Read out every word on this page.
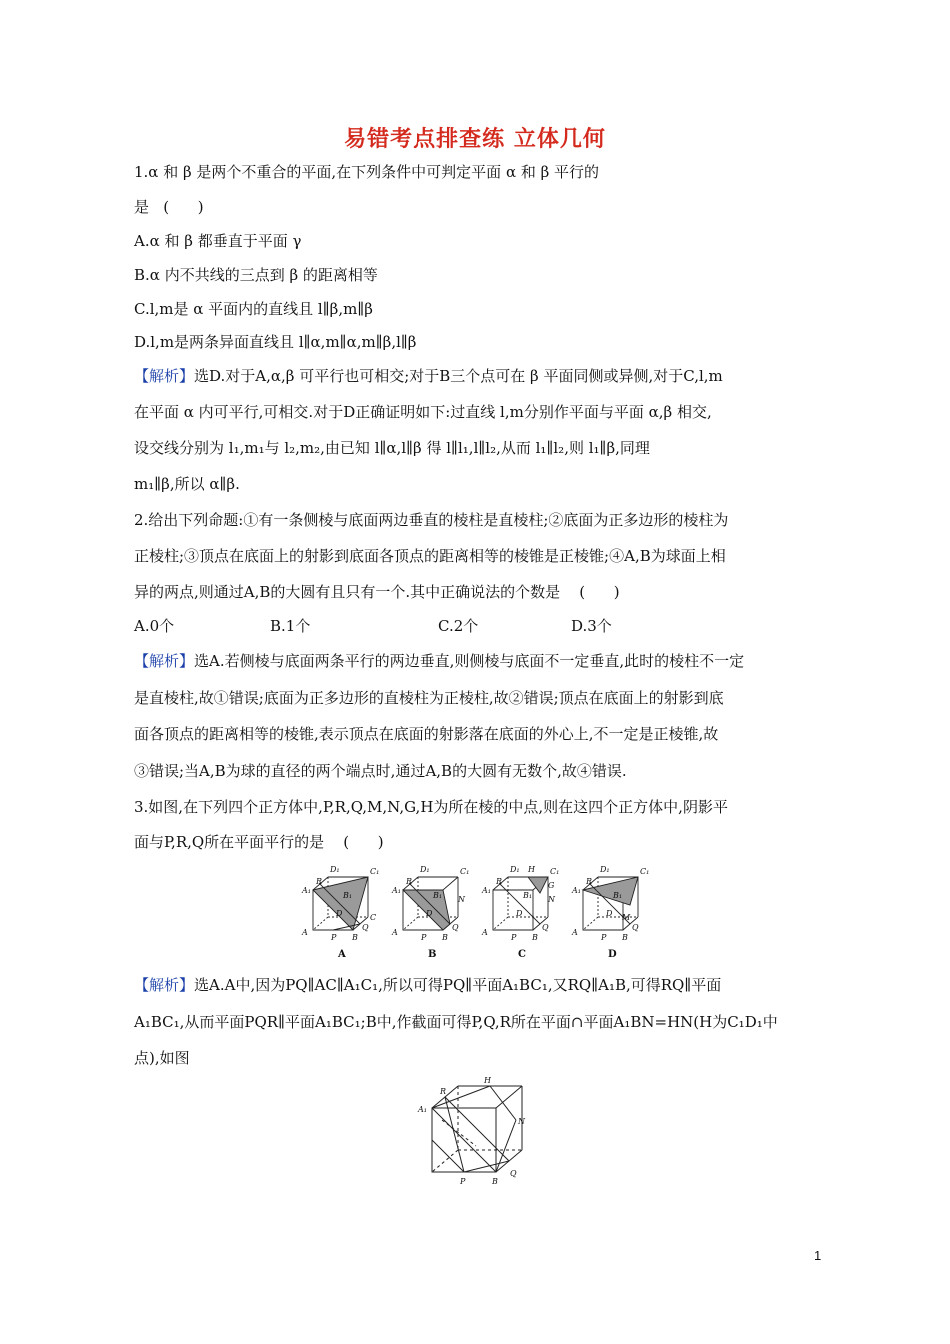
易错考点排查练 立体几何
1.α 和 β 是两个不重合的平面,在下列条件中可判定平面 α 和 β 平行的
是   (      )
A.α 和 β 都垂直于平面 γ
B.α 内不共线的三点到 β 的距离相等
C.l,m是 α 平面内的直线且 l∥β,m∥β
D.l,m是两条异面直线且 l∥α,m∥α,m∥β,l∥β
【解析】选D.对于A,α,β 可平行也可相交;对于B三个点可在 β 平面同侧或异侧,对于C,l,m
在平面 α 内可平行,可相交.对于D正确证明如下:过直线 l,m分别作平面与平面 α,β 相交,
设交线分别为 l₁,m₁与 l₂,m₂,由已知 l∥α,l∥β 得 l∥l₁,l∥l₂,从而 l₁∥l₂,则 l₁∥β,同理
m₁∥β,所以 α∥β.
2.给出下列命题:①有一条侧棱与底面两边垂直的棱柱是直棱柱;②底面为正多边形的棱柱为
正棱柱;③顶点在底面上的射影到底面各顶点的距离相等的棱锥是正棱锥;④A,B为球面上相
异的两点,则通过A,B的大圆有且只有一个.其中正确说法的个数是    (      )
A.0个	B.1个	C.2个	D.3个
【解析】选A.若侧棱与底面两条平行的两边垂直,则侧棱与底面不一定垂直,此时的棱柱不一定
是直棱柱,故①错误;底面为正多边形的直棱柱为正棱柱,故②错误;顶点在底面上的射影到底
面各顶点的距离相等的棱锥,表示顶点在底面的射影落在底面的外心上,不一定是正棱锥,故
③错误;当A,B为球的直径的两个端点时,通过A,B的大圆有无数个,故④错误.
3.如图,在下列四个正方体中,P,R,Q,M,N,G,H为所在棱的中点,则在这四个正方体中,阴影平
面与P,R,Q所在平面平行的是    (      )
D₁	C₁
A₁
R
B₁
A
P B
Q
D	C
D₁	C₁
A₁
R
B₁ N
A
P B
Q
D
D₁ H C₁
A₁
R
B₁
G
N
A
P B
Q
D
D₁	C₁
A₁
R
B₁
M
A
P B
Q
D
A	B	C	D
【解析】选A.A中,因为PQ∥AC∥A₁C₁,所以可得PQ∥平面A₁BC₁,又RQ∥A₁B,可得RQ∥平面
A₁BC₁,从而平面PQR∥平面A₁BC₁;B中,作截面可得P,Q,R所在平面∩平面A₁BN=HN(H为C₁D₁中
点),如图
H
R
A₁
N
P	B
Q
1
